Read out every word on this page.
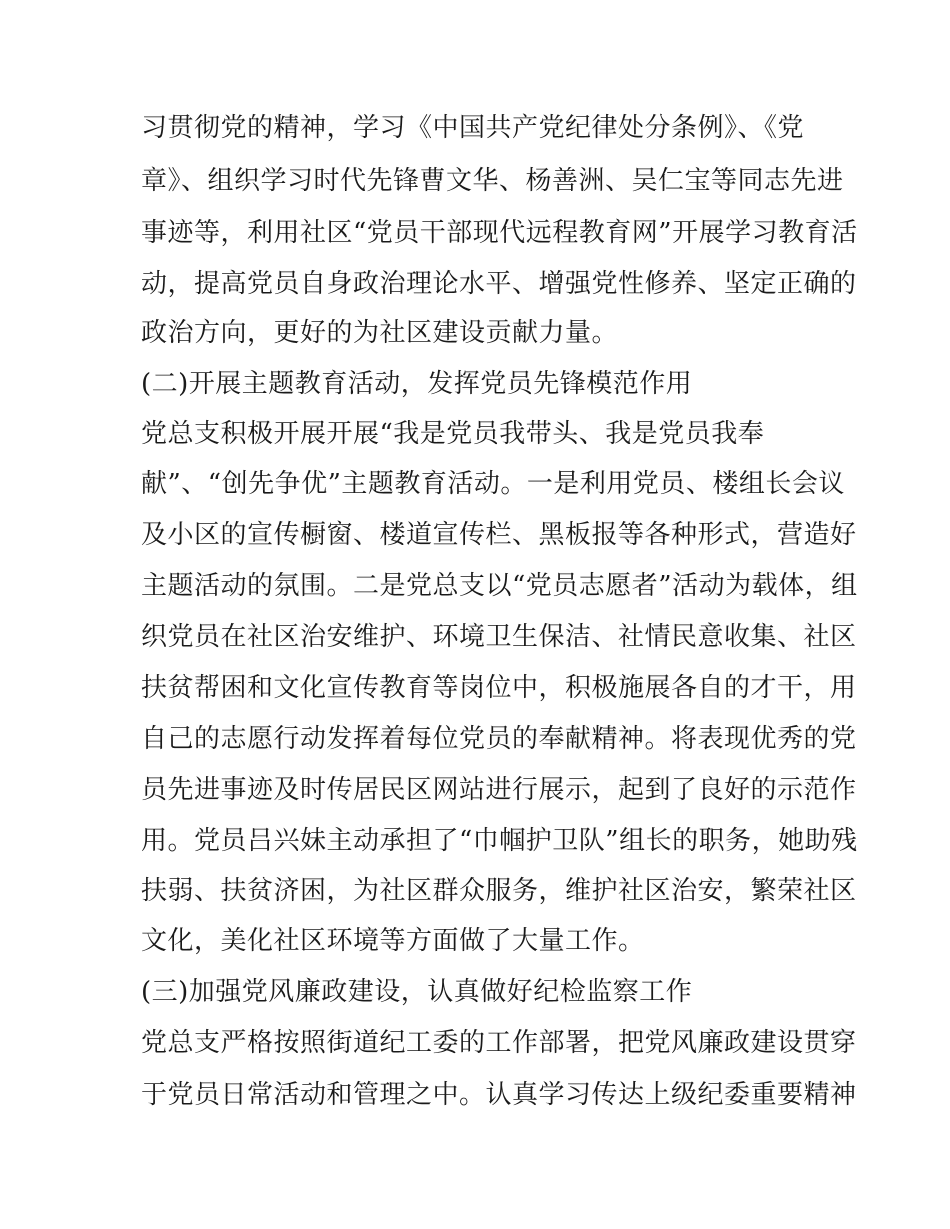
习贯彻党的精神，学习《中国共产党纪律处分条例》、《党
章》、组织学习时代先锋曹文华、杨善洲、吴仁宝等同志先进
事迹等，利用社区“党员干部现代远程教育网”开展学习教育活
动，提高党员自身政治理论水平、增强党性修养、坚定正确的
政治方向，更好的为社区建设贡献力量。
(二)开展主题教育活动，发挥党员先锋模范作用
党总支积极开展开展“我是党员我带头、我是党员我奉
献”、“创先争优”主题教育活动。一是利用党员、楼组长会议
及小区的宣传橱窗、楼道宣传栏、黑板报等各种形式，营造好
主题活动的氛围。二是党总支以“党员志愿者”活动为载体，组
织党员在社区治安维护、环境卫生保洁、社情民意收集、社区
扶贫帮困和文化宣传教育等岗位中，积极施展各自的才干，用
自己的志愿行动发挥着每位党员的奉献精神。将表现优秀的党
员先进事迹及时传居民区网站进行展示，起到了良好的示范作
用。党员吕兴妹主动承担了“巾帼护卫队”组长的职务，她助残
扶弱、扶贫济困，为社区群众服务，维护社区治安，繁荣社区
文化，美化社区环境等方面做了大量工作。
(三)加强党风廉政建设，认真做好纪检监察工作
党总支严格按照街道纪工委的工作部署，把党风廉政建设贯穿
于党员日常活动和管理之中。认真学习传达上级纪委重要精神
